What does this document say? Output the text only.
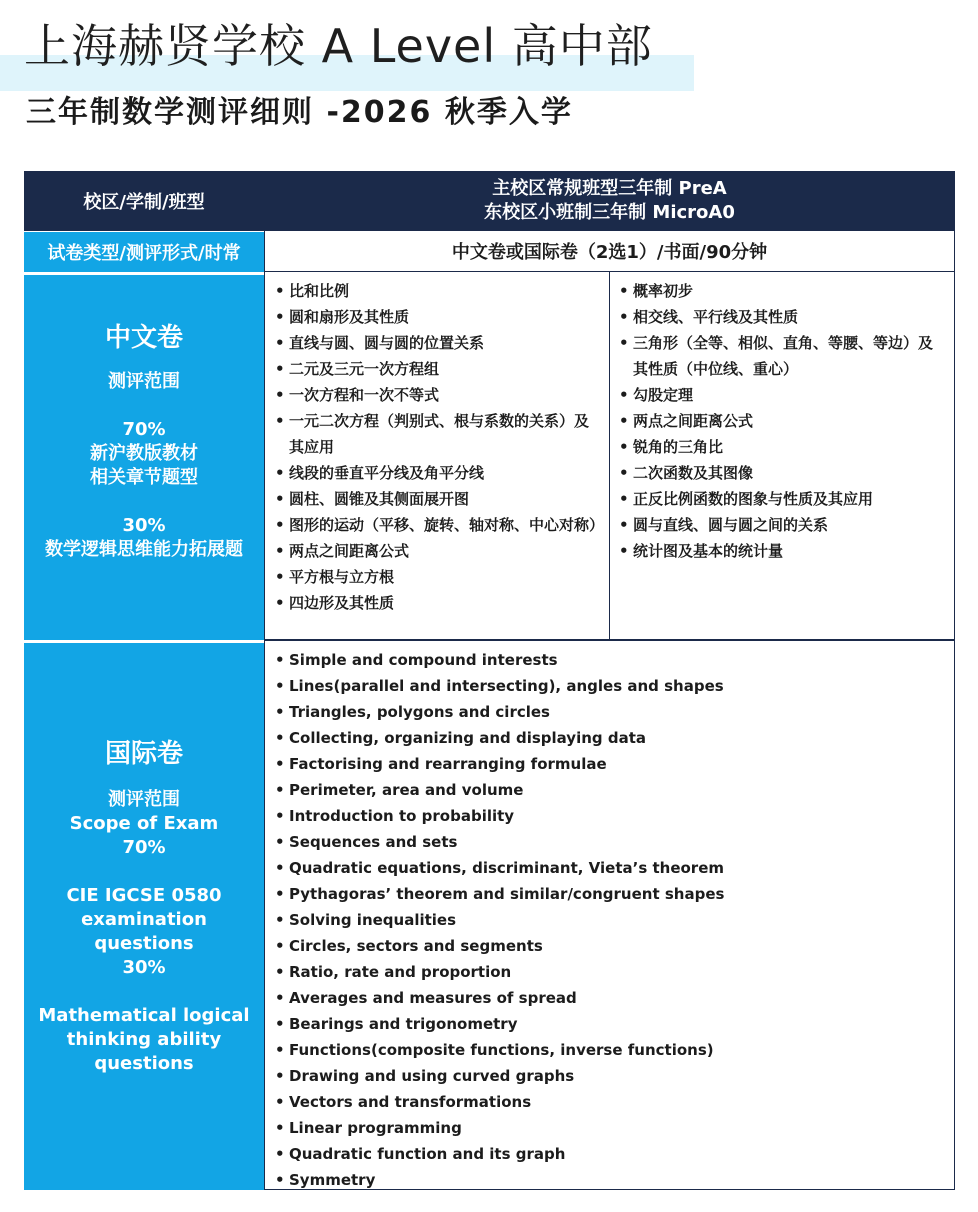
上海赫贤学校 A Level 高中部
三年制数学测评细则 -2026 秋季入学
校区/学制/班型
主校区常规班型三年制 PreA
东校区小班制三年制 MicroA0
试卷类型/测评形式/时常	中文卷或国际卷（2选1）/书面/90分钟
中文卷
测评范围
70%
新沪教版教材
相关章节题型
30%
数学逻辑思维能力拓展题
• 比和比例
• 圆和扇形及其性质
• 直线与圆、圆与圆的位置关系
• 二元及三元一次方程组
• 一次方程和一次不等式
• 一元二次方程（判别式、根与系数的关系）及其应用
• 线段的垂直平分线及角平分线
• 圆柱、圆锥及其侧面展开图
• 图形的运动（平移、旋转、轴对称、中心对称）
• 两点之间距离公式
• 平方根与立方根
• 四边形及其性质
• 概率初步
• 相交线、平行线及其性质
• 三角形（全等、相似、直角、等腰、等边）及其性质（中位线、重心）
• 勾股定理
• 两点之间距离公式
• 锐角的三角比
• 二次函数及其图像
• 正反比例函数的图象与性质及其应用
• 圆与直线、圆与圆之间的关系
• 统计图及基本的统计量
国际卷
测评范围
Scope of Exam
70%
CIE IGCSE 0580
examination
questions
30%
Mathematical logical
thinking ability
questions
• Simple and compound interests
• Lines(parallel and intersecting), angles and shapes
• Triangles, polygons and circles
• Collecting, organizing and displaying data
• Factorising and rearranging formulae
• Perimeter, area and volume
• Introduction to probability
• Sequences and sets
• Quadratic equations, discriminant, Vieta’s theorem
• Pythagoras’ theorem and similar/congruent shapes
• Solving inequalities
• Circles, sectors and segments
• Ratio, rate and proportion
• Averages and measures of spread
• Bearings and trigonometry
• Functions(composite functions, inverse functions)
• Drawing and using curved graphs
• Vectors and transformations
• Linear programming
• Quadratic function and its graph
• Symmetry
